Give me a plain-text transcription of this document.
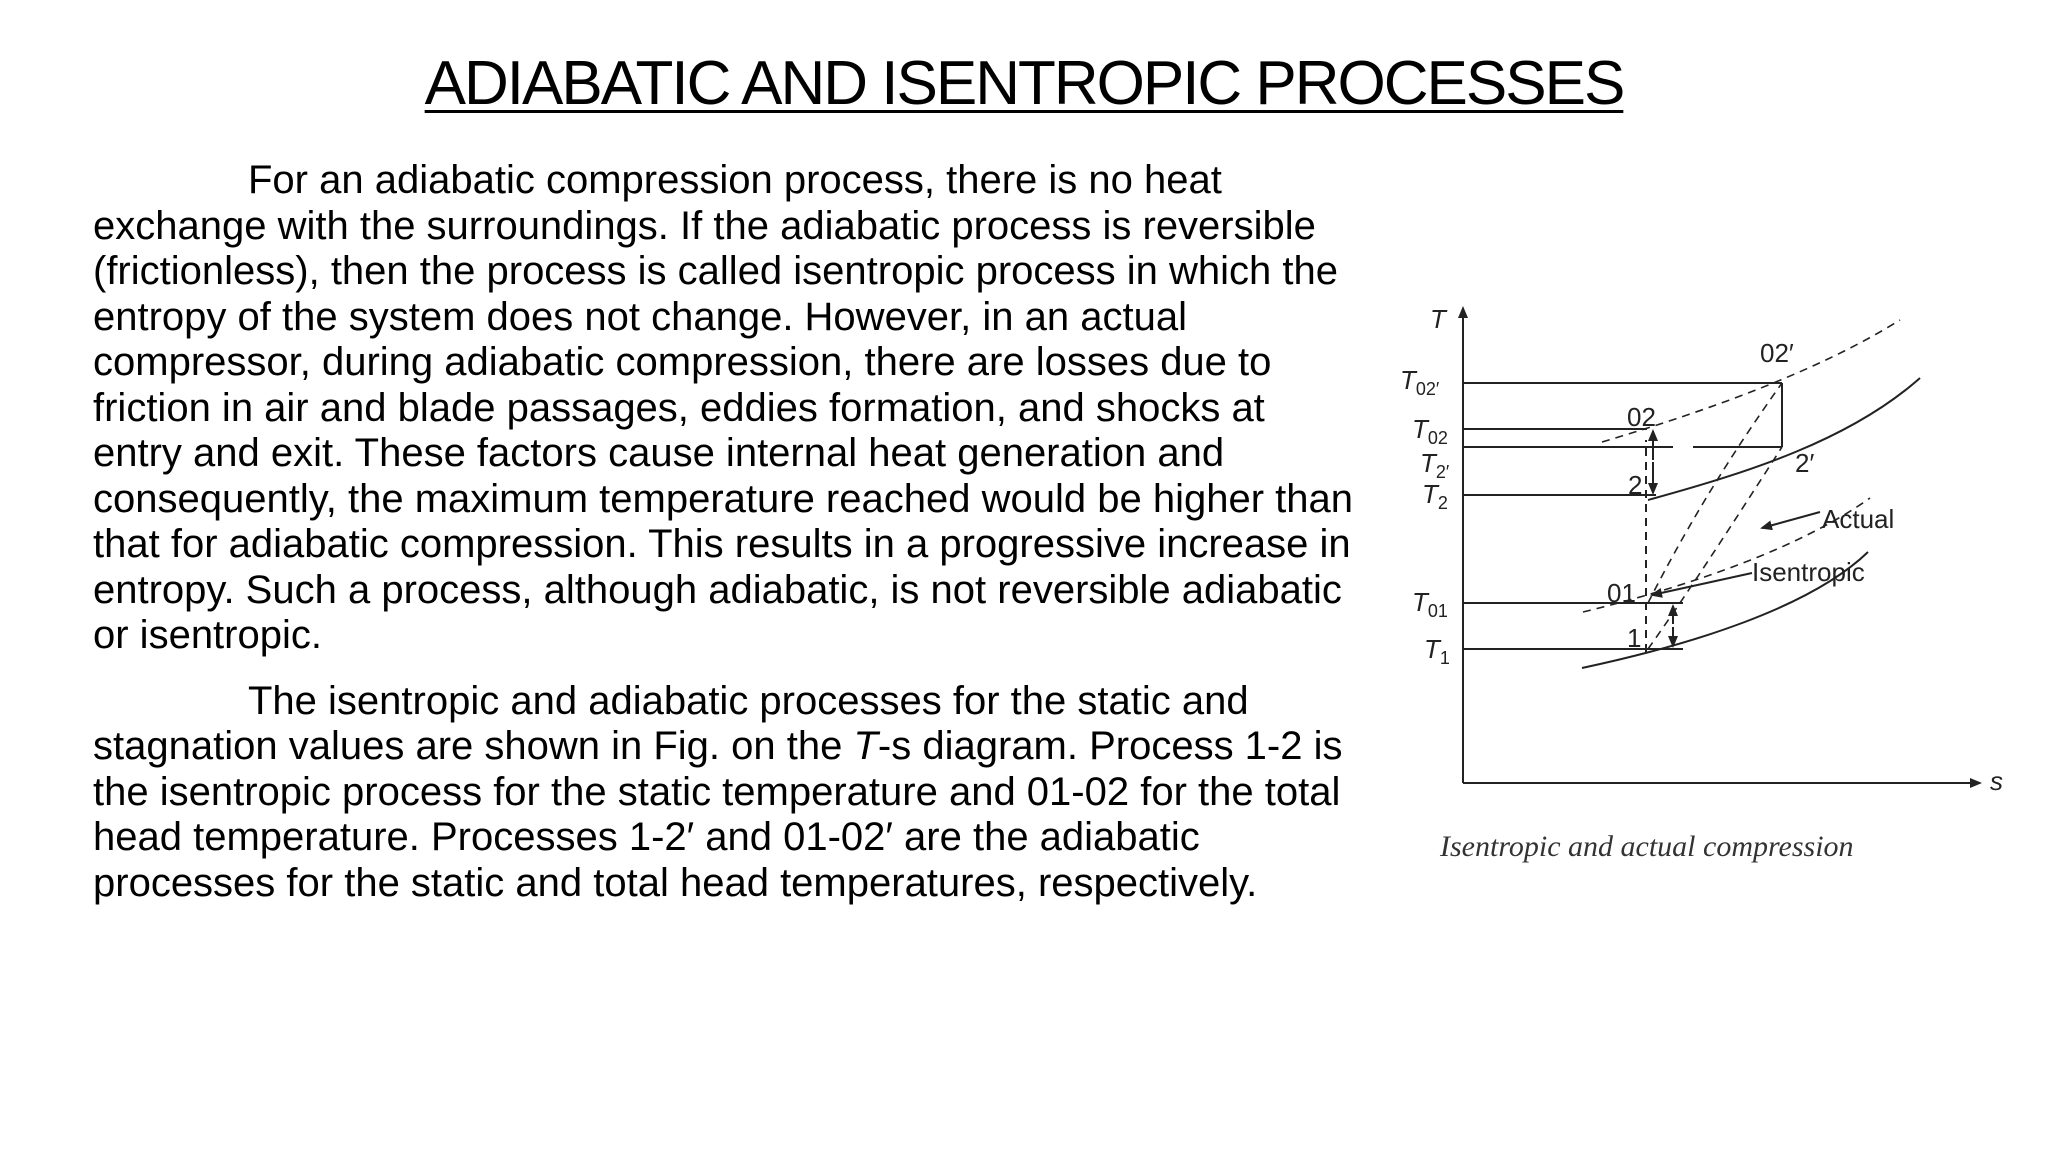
ADIABATIC AND ISENTROPIC PROCESSES

For an adiabatic compression process, there is no heat exchange with the surroundings. If the adiabatic process is reversible (frictionless), then the process is called isentropic process in which the entropy of the system does not change. However, in an actual compressor, during adiabatic compression, there are losses due to friction in air and blade passages, eddies formation, and shocks at entry and exit. These factors cause internal heat generation and consequently, the maximum temperature reached would be higher than that for adiabatic compression. This results in a progressive increase in entropy. Such a process, although adiabatic, is not reversible adiabatic or isentropic.

The isentropic and adiabatic processes for the static and stagnation values are shown in Fig. on the T-s diagram. Process 1-2 is the isentropic process for the static temperature and 01-02 for the total head temperature. Processes 1-2′ and 01-02′ are the adiabatic processes for the static and total head temperatures, respectively.

T
s
$T_{02'}$
$T_{02}$
$T_{2'}$
$T_2$
$T_{01}$
$T_1$
02′
02
2′
2
01
1
Actual
Isentropic
Isentropic and actual compression
